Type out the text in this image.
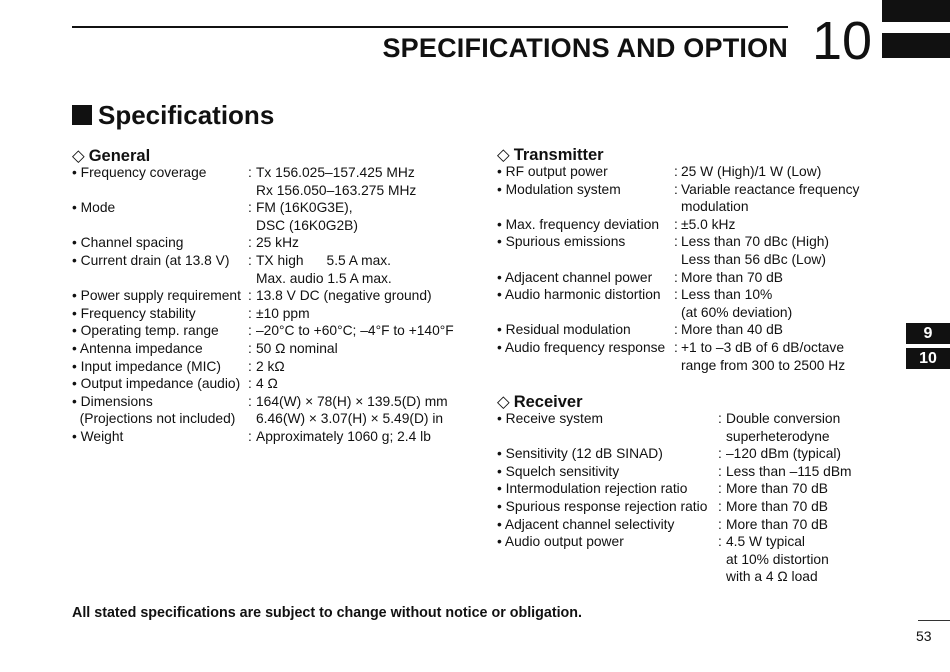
SPECIFICATIONS AND OPTION 10
Specifications
◇ General
• Frequency coverage	: Tx 156.025–157.425 MHz
Rx 156.050–163.275 MHz
• Mode	: FM (16K0G3E),
DSC (16K0G2B)
• Channel spacing	: 25 kHz
• Current drain (at 13.8 V) : TX high      5.5 A max.
Max. audio 1.5 A max.
• Power supply requirement : 13.8 V DC (negative ground)
• Frequency stability	: ±10 ppm
• Operating temp. range : –20°C to +60°C; –4°F to +140°F
• Antenna impedance	: 50 Ω nominal
• Input impedance (MIC) : 2 kΩ
• Output impedance (audio) : 4 Ω
• Dimensions	: 164(W) × 78(H) × 139.5(D) mm
(Projections not included) 6.46(W) × 3.07(H) × 5.49(D) in
• Weight	: Approximately 1060 g; 2.4 lb
◇ Transmitter
• RF output power	: 25 W (High)/1 W (Low)
• Modulation system	: Variable reactance frequency
modulation
• Max. frequency deviation : ±5.0 kHz
• Spurious emissions	: Less than 70 dBc (High)
Less than 56 dBc (Low)
• Adjacent channel power : More than 70 dB
• Audio harmonic distortion : Less than 10%
(at 60% deviation)
• Residual modulation	: More than 40 dB
• Audio frequency response : +1 to –3 dB of 6 dB/octave
range from 300 to 2500 Hz
◇ Receiver
• Receive system	: Double conversion
superheterodyne
• Sensitivity (12 dB SINAD)	: –120 dBm (typical)
• Squelch sensitivity	: Less than –115 dBm
• Intermodulation rejection ratio : More than 70 dB
• Spurious response rejection ratio : More than 70 dB
• Adjacent channel selectivity	: More than 70 dB
• Audio output power	: 4.5 W typical
at 10% distortion
with a 4 Ω load
All stated specifications are subject to change without notice or obligation.
53
9
10
